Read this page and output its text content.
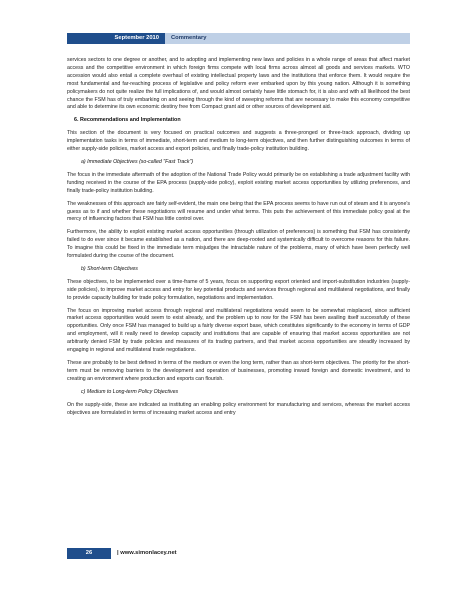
September 2010	Commentary

services sectors to one degree or another, and to adopting and implementing new laws and policies in a whole range of areas that affect market access and the competitive environment in which foreign firms compete with local firms across almost all goods and services markets. WTO accession would also entail a complete overhaul of existing intellectual property laws and the institutions that enforce them. It would require the most fundamental and far-reaching process of legislative and policy reform ever embarked upon by this young nation. Although it is something policymakers do not quite realize the full implications of, and would almost certainly have little stomach for, it is also and with all likelihood the best chance the FSM has of truly embarking on and seeing through the kind of sweeping reforms that are necessary to make this economy competitive and able to determine its own economic destiny free from Compact grant aid or other sources of development aid.

6. Recommendations and Implementation

This section of the document is very focused on practical outcomes and suggests a three-pronged or three-track approach, dividing up implementation tasks in terms of immediate, short-term and medium to long-term objectives, and then further distinguishing outcomes in terms of either supply-side policies, market access and export policies, and finally trade-policy institution building.

a) Immediate Objectives (so-called "Fast Track")

The focus in the immediate aftermath of the adoption of the National Trade Policy would primarily be on establishing a trade adjustment facility with funding received in the course of the EPA process (supply-side policy), exploit existing market access opportunities by utilizing preferences, and finally trade-policy institution building.

The weaknesses of this approach are fairly self-evident, the main one being that the EPA process seems to have run out of steam and it is anyone's guess as to if and whether these negotiations will resume and under what terms. This puts the achievement of this immediate policy goal at the mercy of influencing factors that FSM has little control over.

Furthermore, the ability to exploit existing market access opportunities (through utilization of preferences) is something that FSM has consistently failed to do ever since it became established as a nation, and there are deep-rooted and systemically difficult to overcome reasons for this failure. To imagine this could be fixed in the immediate term misjudges the intractable nature of the problems, many of which have been perfectly well formulated during the course of the document.

b) Short-term Objectives

These objectives, to be implemented over a time-frame of 5 years, focus on supporting export oriented and import-substitution industries (supply-side policies), to improve market access and entry for key potential products and services through regional and multilateral negotiations, and finally to provide capacity building for trade policy formulation, negotiations and implementation.

The focus on improving market access through regional and multilateral negotiations would seem to be somewhat misplaced, since sufficient market access opportunities would seem to exist already, and the problem up to now for the FSM has been availing itself successfully of these opportunities. Only once FSM has managed to build up a fairly diverse export base, which constitutes significantly to the economy in terms of GDP and employment, will it really need to develop capacity and institutions that are capable of ensuring that market access opportunities are not arbitrarily denied FSM by trade policies and measures of its trading partners, and that market access opportunities are steadily increased by engaging in regional and multilateral trade negotiations.

These are probably to be best defined in terms of the medium or even the long term, rather than as short-term objectives. The priority for the short-term must be removing barriers to the development and operation of businesses, promoting inward foreign and domestic investment, and to creating an environment where production and exports can flourish.

c) Medium to Long-term Policy Objectives

On the supply-side, these are indicated as instituting an enabling policy environment for manufacturing and services, whereas the market access objectives are formulated in terms of increasing market access and entry

26	| www.simonlacey.net
